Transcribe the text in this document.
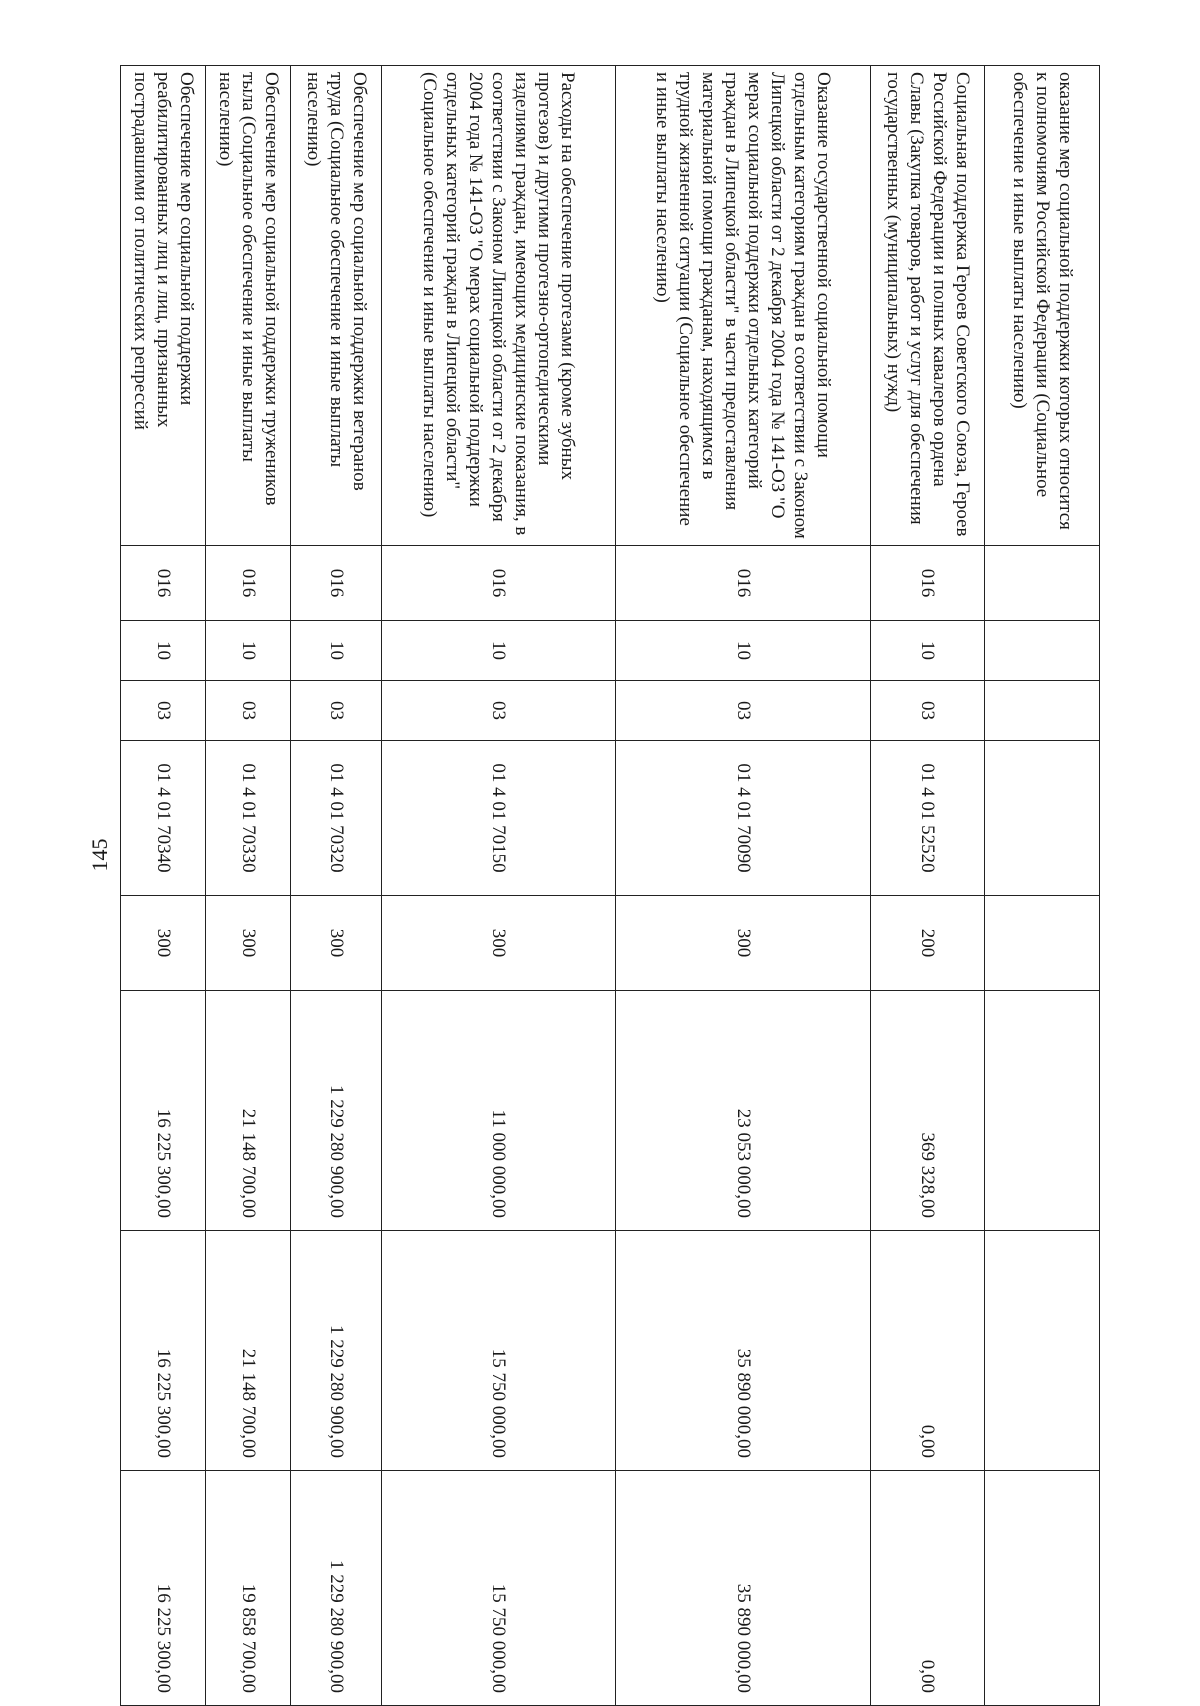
145
оказание мер социальной поддержки которых относится к полномочиям Российской Федерации (Социальное обеспечение и иные выплаты населению)								
Социальная поддержка Героев Советского Союза, Героев Российской Федерации и полных кавалеров ордена Славы (Закупка товаров, работ и услуг для обеспечения государственных (муниципальных) нужд)	016	10	03	01 4 01 52520	200	369 328,00	0,00	0,00
Оказание государственной социальной помощи отдельным категориям граждан в соответствии с Законом Липецкой области от 2 декабря 2004 года № 141-ОЗ "О мерах социальной поддержки отдельных категорий граждан в Липецкой области" в части предоставления материальной помощи гражданам, находящимся в трудной жизненной ситуации (Социальное обеспечение и иные выплаты населению)	016	10	03	01 4 01 70090	300	23 053 000,00	35 890 000,00	35 890 000,00
Расходы на обеспечение протезами (кроме зубных протезов) и другими протезно-ортопедическими изделиями граждан, имеющих медицинские показания, в соответствии с Законом Липецкой области от 2 декабря 2004 года № 141-ОЗ "О мерах социальной поддержки отдельных категорий граждан в Липецкой области" (Социальное обеспечение и иные выплаты населению)	016	10	03	01 4 01 70150	300	11 000 000,00	15 750 000,00	15 750 000,00
Обеспечение мер социальной поддержки ветеранов труда (Социальное обеспечение и иные выплаты населению)	016	10	03	01 4 01 70320	300	1 229 280 900,00	1 229 280 900,00	1 229 280 900,00
Обеспечение мер социальной поддержки тружеников тыла (Социальное обеспечение и иные выплаты населению)	016	10	03	01 4 01 70330	300	21 148 700,00	21 148 700,00	19 858 700,00
Обеспечение мер социальной поддержки реабилитированных лиц и лиц, признанных пострадавшими от политических репрессий	016	10	03	01 4 01 70340	300	16 225 300,00	16 225 300,00	16 225 300,00
